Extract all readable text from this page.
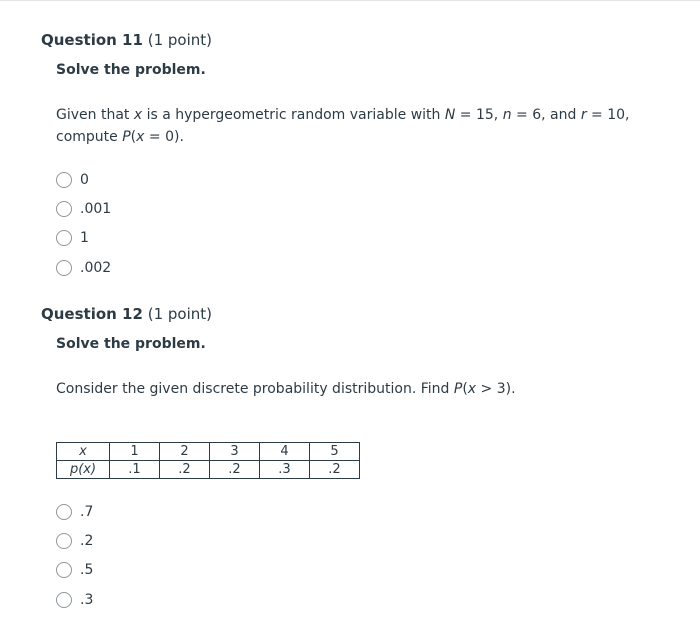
Question 11 (1 point)
Solve the problem.
Given that x is a hypergeometric random variable with N = 15, n = 6, and r = 10,
compute P(x = 0).
0
.001
1
.002
Question 12 (1 point)
Solve the problem.
Consider the given discrete probability distribution. Find P(x > 3).
x	1	2	3	4	5
p(x)	.1	.2	.2	.3	.2
.7
.2
.5
.3
